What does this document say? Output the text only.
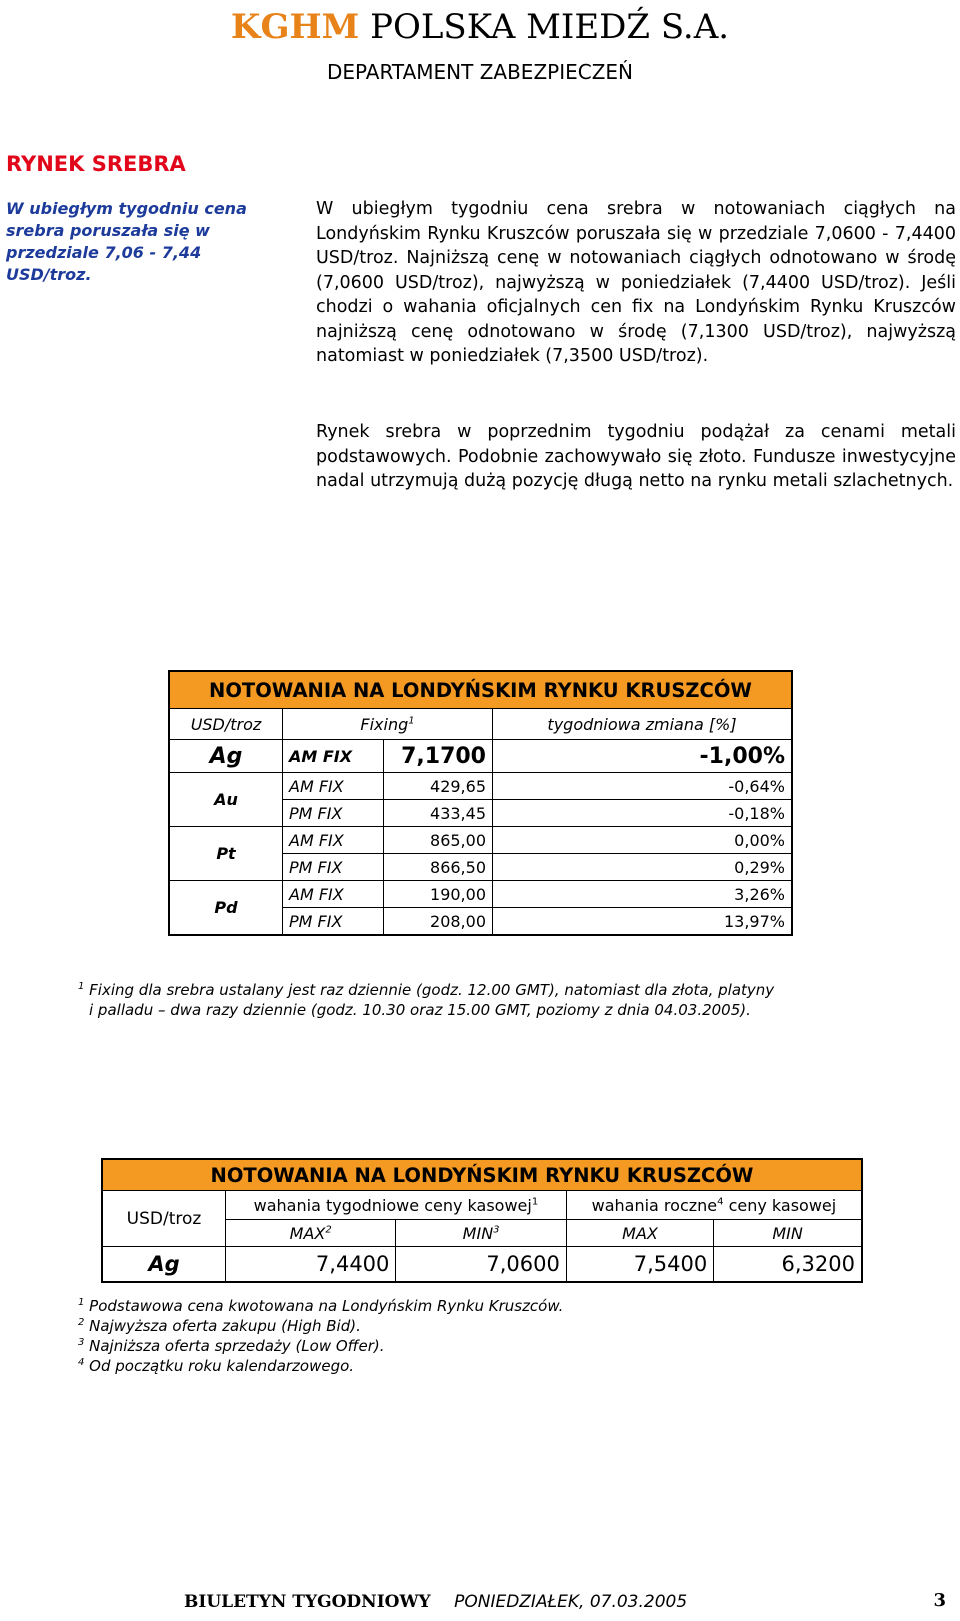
KGHM POLSKA MIEDŹ S.A.
DEPARTAMENT ZABEZPIECZEŃ
RYNEK SREBRA
W ubiegłym tygodniu cena srebra poruszała się w przedziale 7,06 - 7,44 USD/troz.
W ubiegłym tygodniu cena srebra w notowaniach ciągłych na Londyńskim Rynku Kruszców poruszała się w przedziale 7,0600 - 7,4400 USD/troz. Najniższą cenę w notowaniach ciągłych odnotowano w środę (7,0600 USD/troz), najwyższą w poniedziałek (7,4400 USD/troz). Jeśli chodzi o wahania oficjalnych cen fix na Londyńskim Rynku Kruszców najniższą cenę odnotowano w środę (7,1300 USD/troz), najwyższą natomiast w poniedziałek (7,3500 USD/troz).
Rynek srebra w poprzednim tygodniu podążał za cenami metali podstawowych. Podobnie zachowywało się złoto. Fundusze inwestycyjne nadal utrzymują dużą pozycję długą netto na rynku metali szlachetnych.
NOTOWANIA NA LONDYŃSKIM RYNKU KRUSZCÓW			
USD/troz	Fixing$^1$		tygodniowa zmiana [%]
Ag	AM FIX	7,1700	-1,00%
Au	AM FIX	429,65	-0,64%
	PM FIX	433,45	-0,18%
Pt	AM FIX	865,00	0,00%
	PM FIX	866,50	0,29%
Pd	AM FIX	190,00	3,26%
	PM FIX	208,00	13,97%
$^1$ Fixing dla srebra ustalany jest raz dziennie (godz. 12.00 GMT), natomiast dla złota, platyny
i palladu – dwa razy dziennie (godz. 10.30 oraz 15.00 GMT, poziomy z dnia 04.03.2005).
NOTOWANIA NA LONDYŃSKIM RYNKU KRUSZCÓW				
USD/troz	wahania tygodniowe ceny kasowej$^1$		wahania roczne$^4$ ceny kasowej	
	MAX$^2$	MIN$^3$	MAX	MIN
Ag	7,4400	7,0600	7,5400	6,3200
$^1$ Podstawowa cena kwotowana na Londyńskim Rynku Kruszców.
$^2$ Najwyższa oferta zakupu (High Bid).
$^3$ Najniższa oferta sprzedaży (Low Offer).
$^4$ Od początku roku kalendarzowego.
BIULETYN TYGODNIOWY PONIEDZIAŁEK, 07.03.2005	3
